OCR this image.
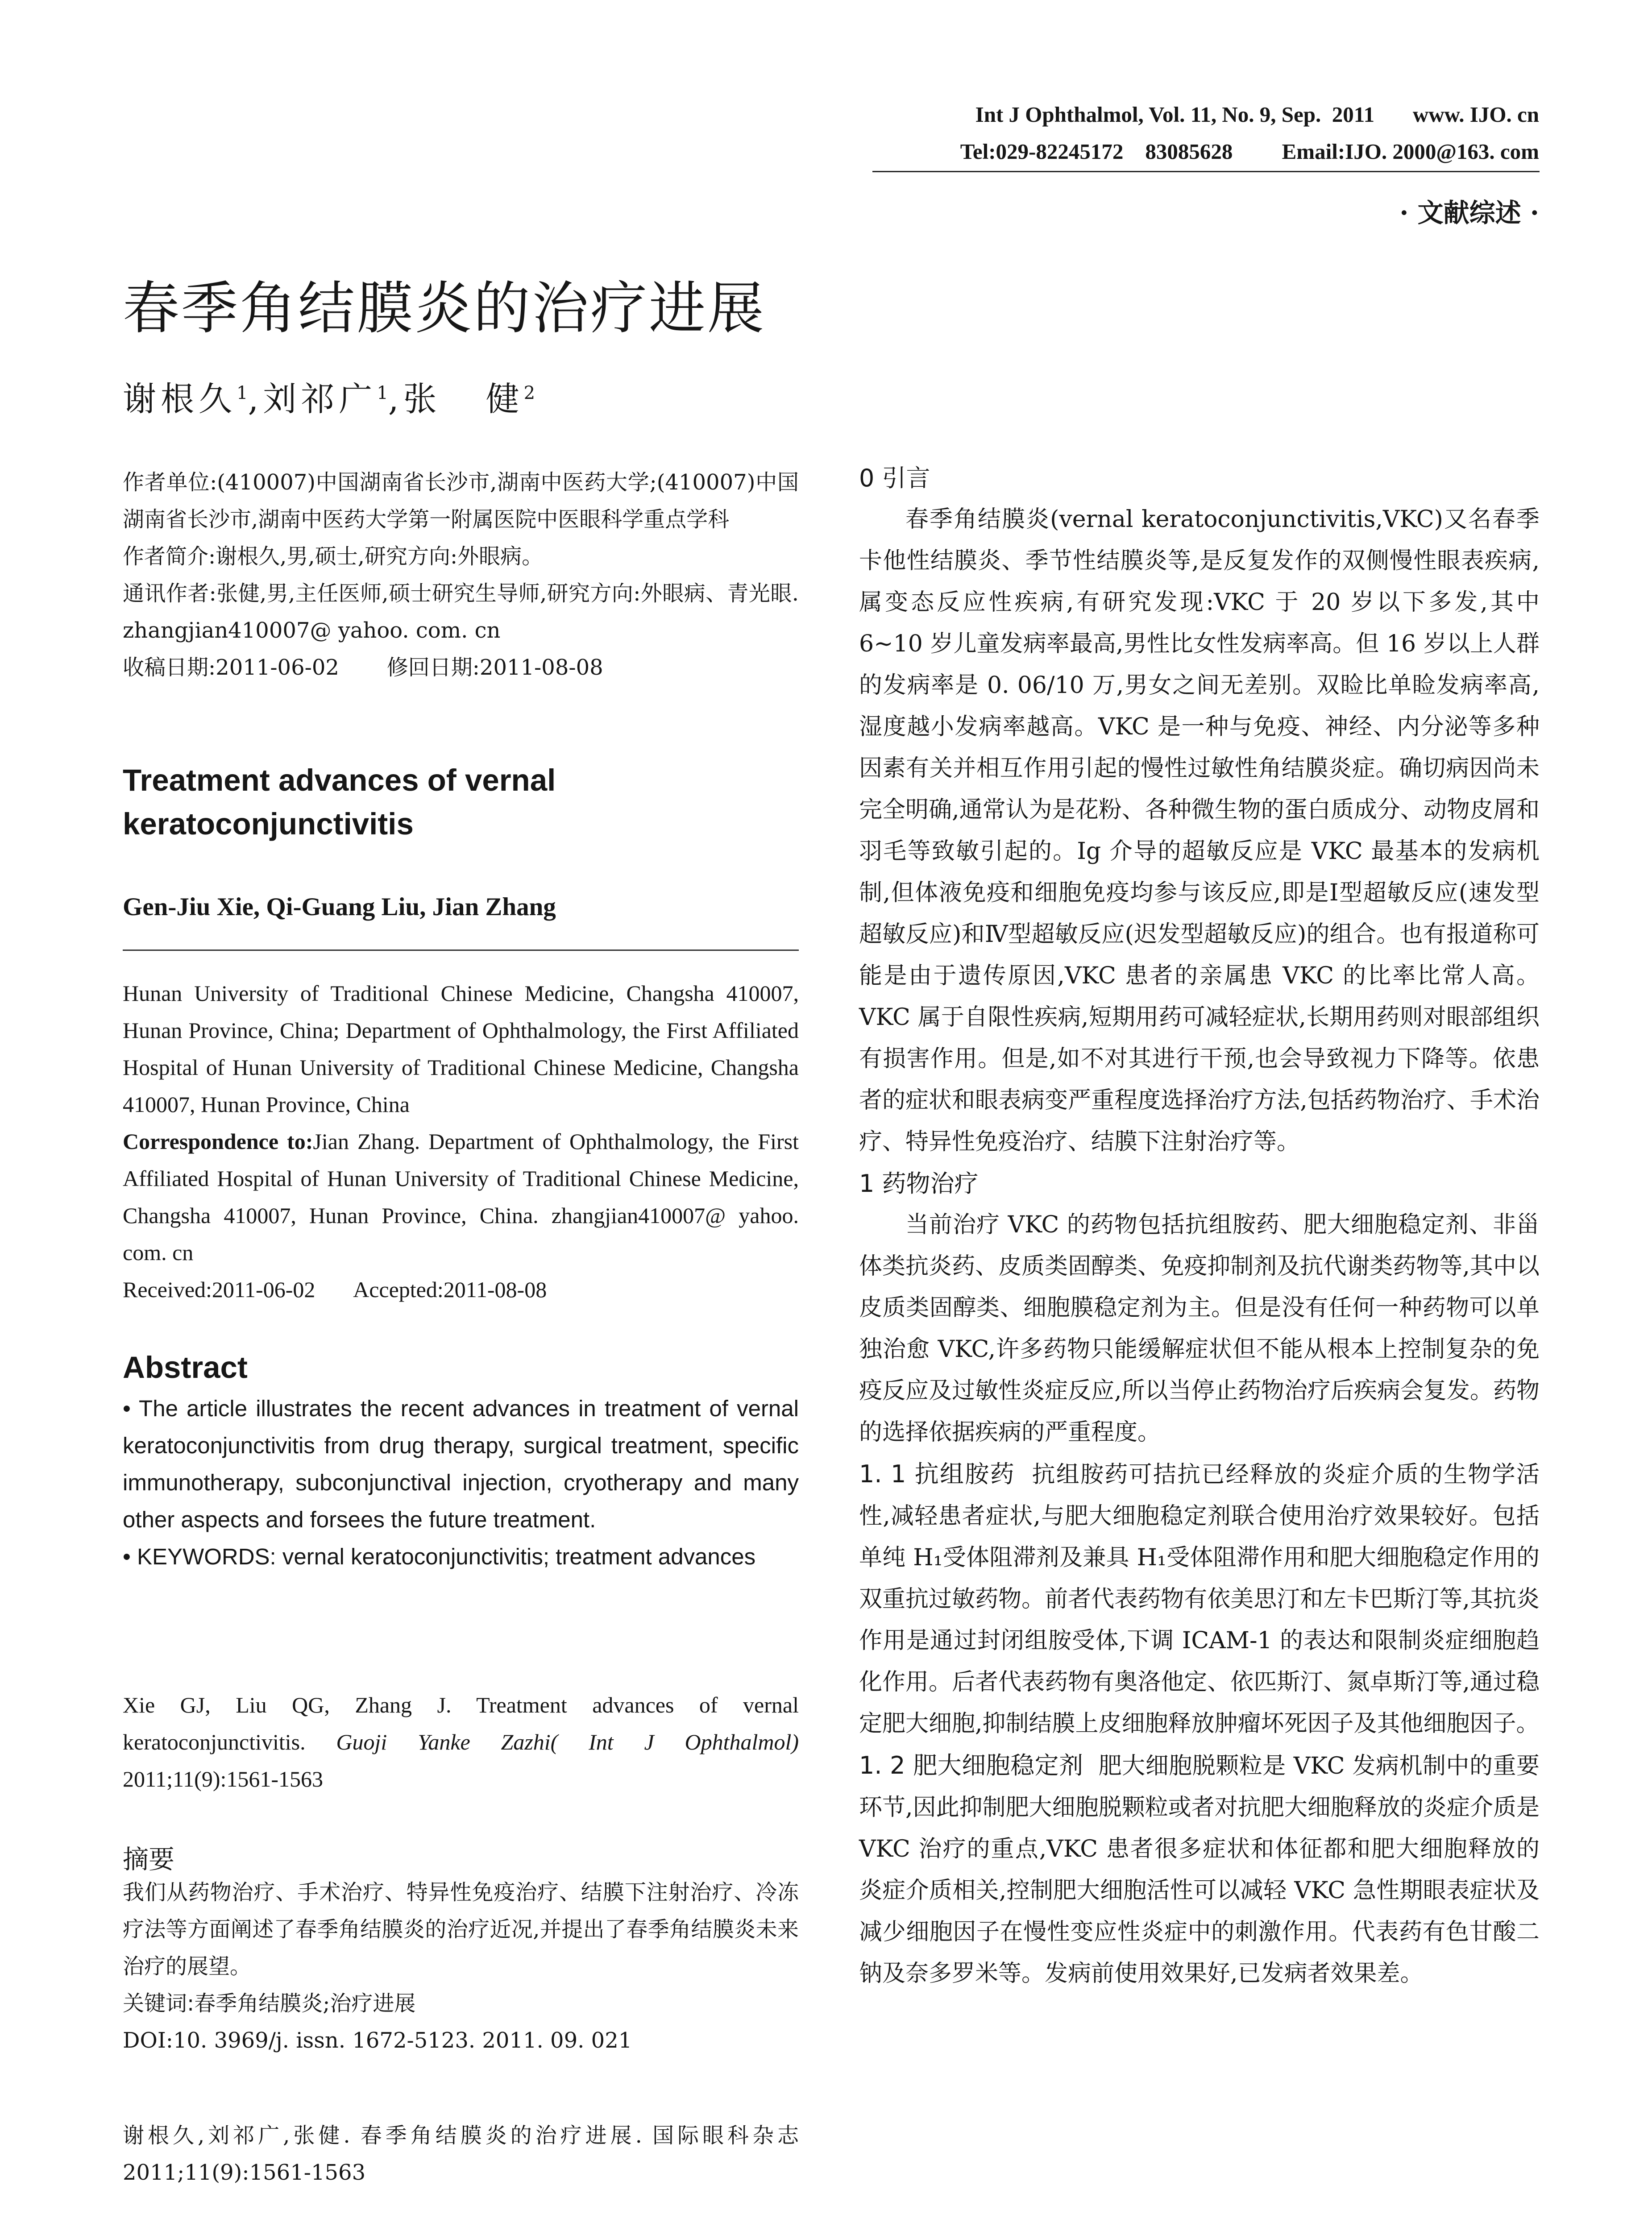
Int J Ophthalmol, Vol. 11, No. 9, Sep.  2011       www. IJO. cn
Tel:029-82245172    83085628         Email:IJO. 2000@163. com
· 文献综述 ·
春季角结膜炎的治疗进展
谢根久$^1$,刘祁广$^1$,张 健$^2$

作者单位:(410007)中国湖南省长沙市,湖南中医药大学;(410007)中国湖南省长沙市,湖南中医药大学第一附属医院中医眼科学重点学科

作者简介:谢根久,男,硕士,研究方向:外眼病。

通讯作者:张健,男,主任医师,硕士研究生导师,研究方向:外眼病、青光眼. zhangjian410007@ yahoo. com. cn

收稿日期:2011-06-02       修回日期:2011-08-08

Treatment advances of vernal keratoconjunctivitis
Gen-Jiu Xie, Qi-Guang Liu, Jian Zhang

Hunan University of Traditional Chinese Medicine, Changsha 410007, Hunan Province, China; Department of Ophthalmology, the First Affiliated Hospital of Hunan University of Traditional Chinese Medicine, Changsha 410007, Hunan Province, China

Correspondence to:Jian Zhang. Department of Ophthalmology, the First Affiliated Hospital of Hunan University of Traditional Chinese Medicine, Changsha 410007, Hunan Province, China. zhangjian410007@ yahoo. com. cn

Received:2011-06-02       Accepted:2011-08-08

Abstract

• The article illustrates the recent advances in treatment of vernal keratoconjunctivitis from drug therapy, surgical treatment, specific immunotherapy, subconjunctival injection, cryotherapy and many other aspects and forsees the future treatment.

• KEYWORDS: vernal keratoconjunctivitis; treatment advances

Xie GJ, Liu QG, Zhang J. Treatment advances of vernal keratoconjunctivitis. Guoji Yanke Zazhi( Int J Ophthalmol) 2011;11(9):1561-1563
摘要

我们从药物治疗、手术治疗、特异性免疫治疗、结膜下注射治疗、冷冻疗法等方面阐述了春季角结膜炎的治疗近况,并提出了春季角结膜炎未来治疗的展望。

关键词:春季角结膜炎;治疗进展

DOI:10. 3969/j. issn. 1672-5123. 2011. 09. 021

谢根久,刘祁广,张健. 春季角结膜炎的治疗进展. 国际眼科杂志 2011;11(9):1561-1563

0 引言

春季角结膜炎(vernal keratoconjunctivitis,VKC)又名春季卡他性结膜炎、季节性结膜炎等,是反复发作的双侧慢性眼表疾病,属变态反应性疾病,有研究发现:VKC 于 20 岁以下多发,其中 6~10 岁儿童发病率最高,男性比女性发病率高。但 16 岁以上人群的发病率是 0. 06/10 万,男女之间无差别。双睑比单睑发病率高,湿度越小发病率越高。VKC 是一种与免疫、神经、内分泌等多种因素有关并相互作用引起的慢性过敏性角结膜炎症。确切病因尚未完全明确,通常认为是花粉、各种微生物的蛋白质成分、动物皮屑和羽毛等致敏引起的。Ig 介导的超敏反应是 VKC 最基本的发病机制,但体液免疫和细胞免疫均参与该反应,即是Ⅰ型超敏反应(速发型超敏反应)和Ⅳ型超敏反应(迟发型超敏反应)的组合。也有报道称可能是由于遗传原因,VKC 患者的亲属患 VKC 的比率比常人高。VKC 属于自限性疾病,短期用药可减轻症状,长期用药则对眼部组织有损害作用。但是,如不对其进行干预,也会导致视力下降等。依患者的症状和眼表病变严重程度选择治疗方法,包括药物治疗、手术治疗、特异性免疫治疗、结膜下注射治疗等。

1 药物治疗

当前治疗 VKC 的药物包括抗组胺药、肥大细胞稳定剂、非甾体类抗炎药、皮质类固醇类、免疫抑制剂及抗代谢类药物等,其中以皮质类固醇类、细胞膜稳定剂为主。但是没有任何一种药物可以单独治愈 VKC,许多药物只能缓解症状但不能从根本上控制复杂的免疫反应及过敏性炎症反应,所以当停止药物治疗后疾病会复发。药物的选择依据疾病的严重程度。

1. 1 抗组胺药 抗组胺药可拮抗已经释放的炎症介质的生物学活性,减轻患者症状,与肥大细胞稳定剂联合使用治疗效果较好。包括单纯 H₁受体阻滞剂及兼具 H₁受体阻滞作用和肥大细胞稳定作用的双重抗过敏药物。前者代表药物有依美思汀和左卡巴斯汀等,其抗炎作用是通过封闭组胺受体,下调 ICAM-1 的表达和限制炎症细胞趋化作用。后者代表药物有奥洛他定、依匹斯汀、氮卓斯汀等,通过稳定肥大细胞,抑制结膜上皮细胞释放肿瘤坏死因子及其他细胞因子。

1. 2 肥大细胞稳定剂 肥大细胞脱颗粒是 VKC 发病机制中的重要环节,因此抑制肥大细胞脱颗粒或者对抗肥大细胞释放的炎症介质是 VKC 治疗的重点,VKC 患者很多症状和体征都和肥大细胞释放的炎症介质相关,控制肥大细胞活性可以减轻 VKC 急性期眼表症状及减少细胞因子在慢性变应性炎症中的刺激作用。代表药有色甘酸二钠及奈多罗米等。发病前使用效果好,已发病者效果差。
